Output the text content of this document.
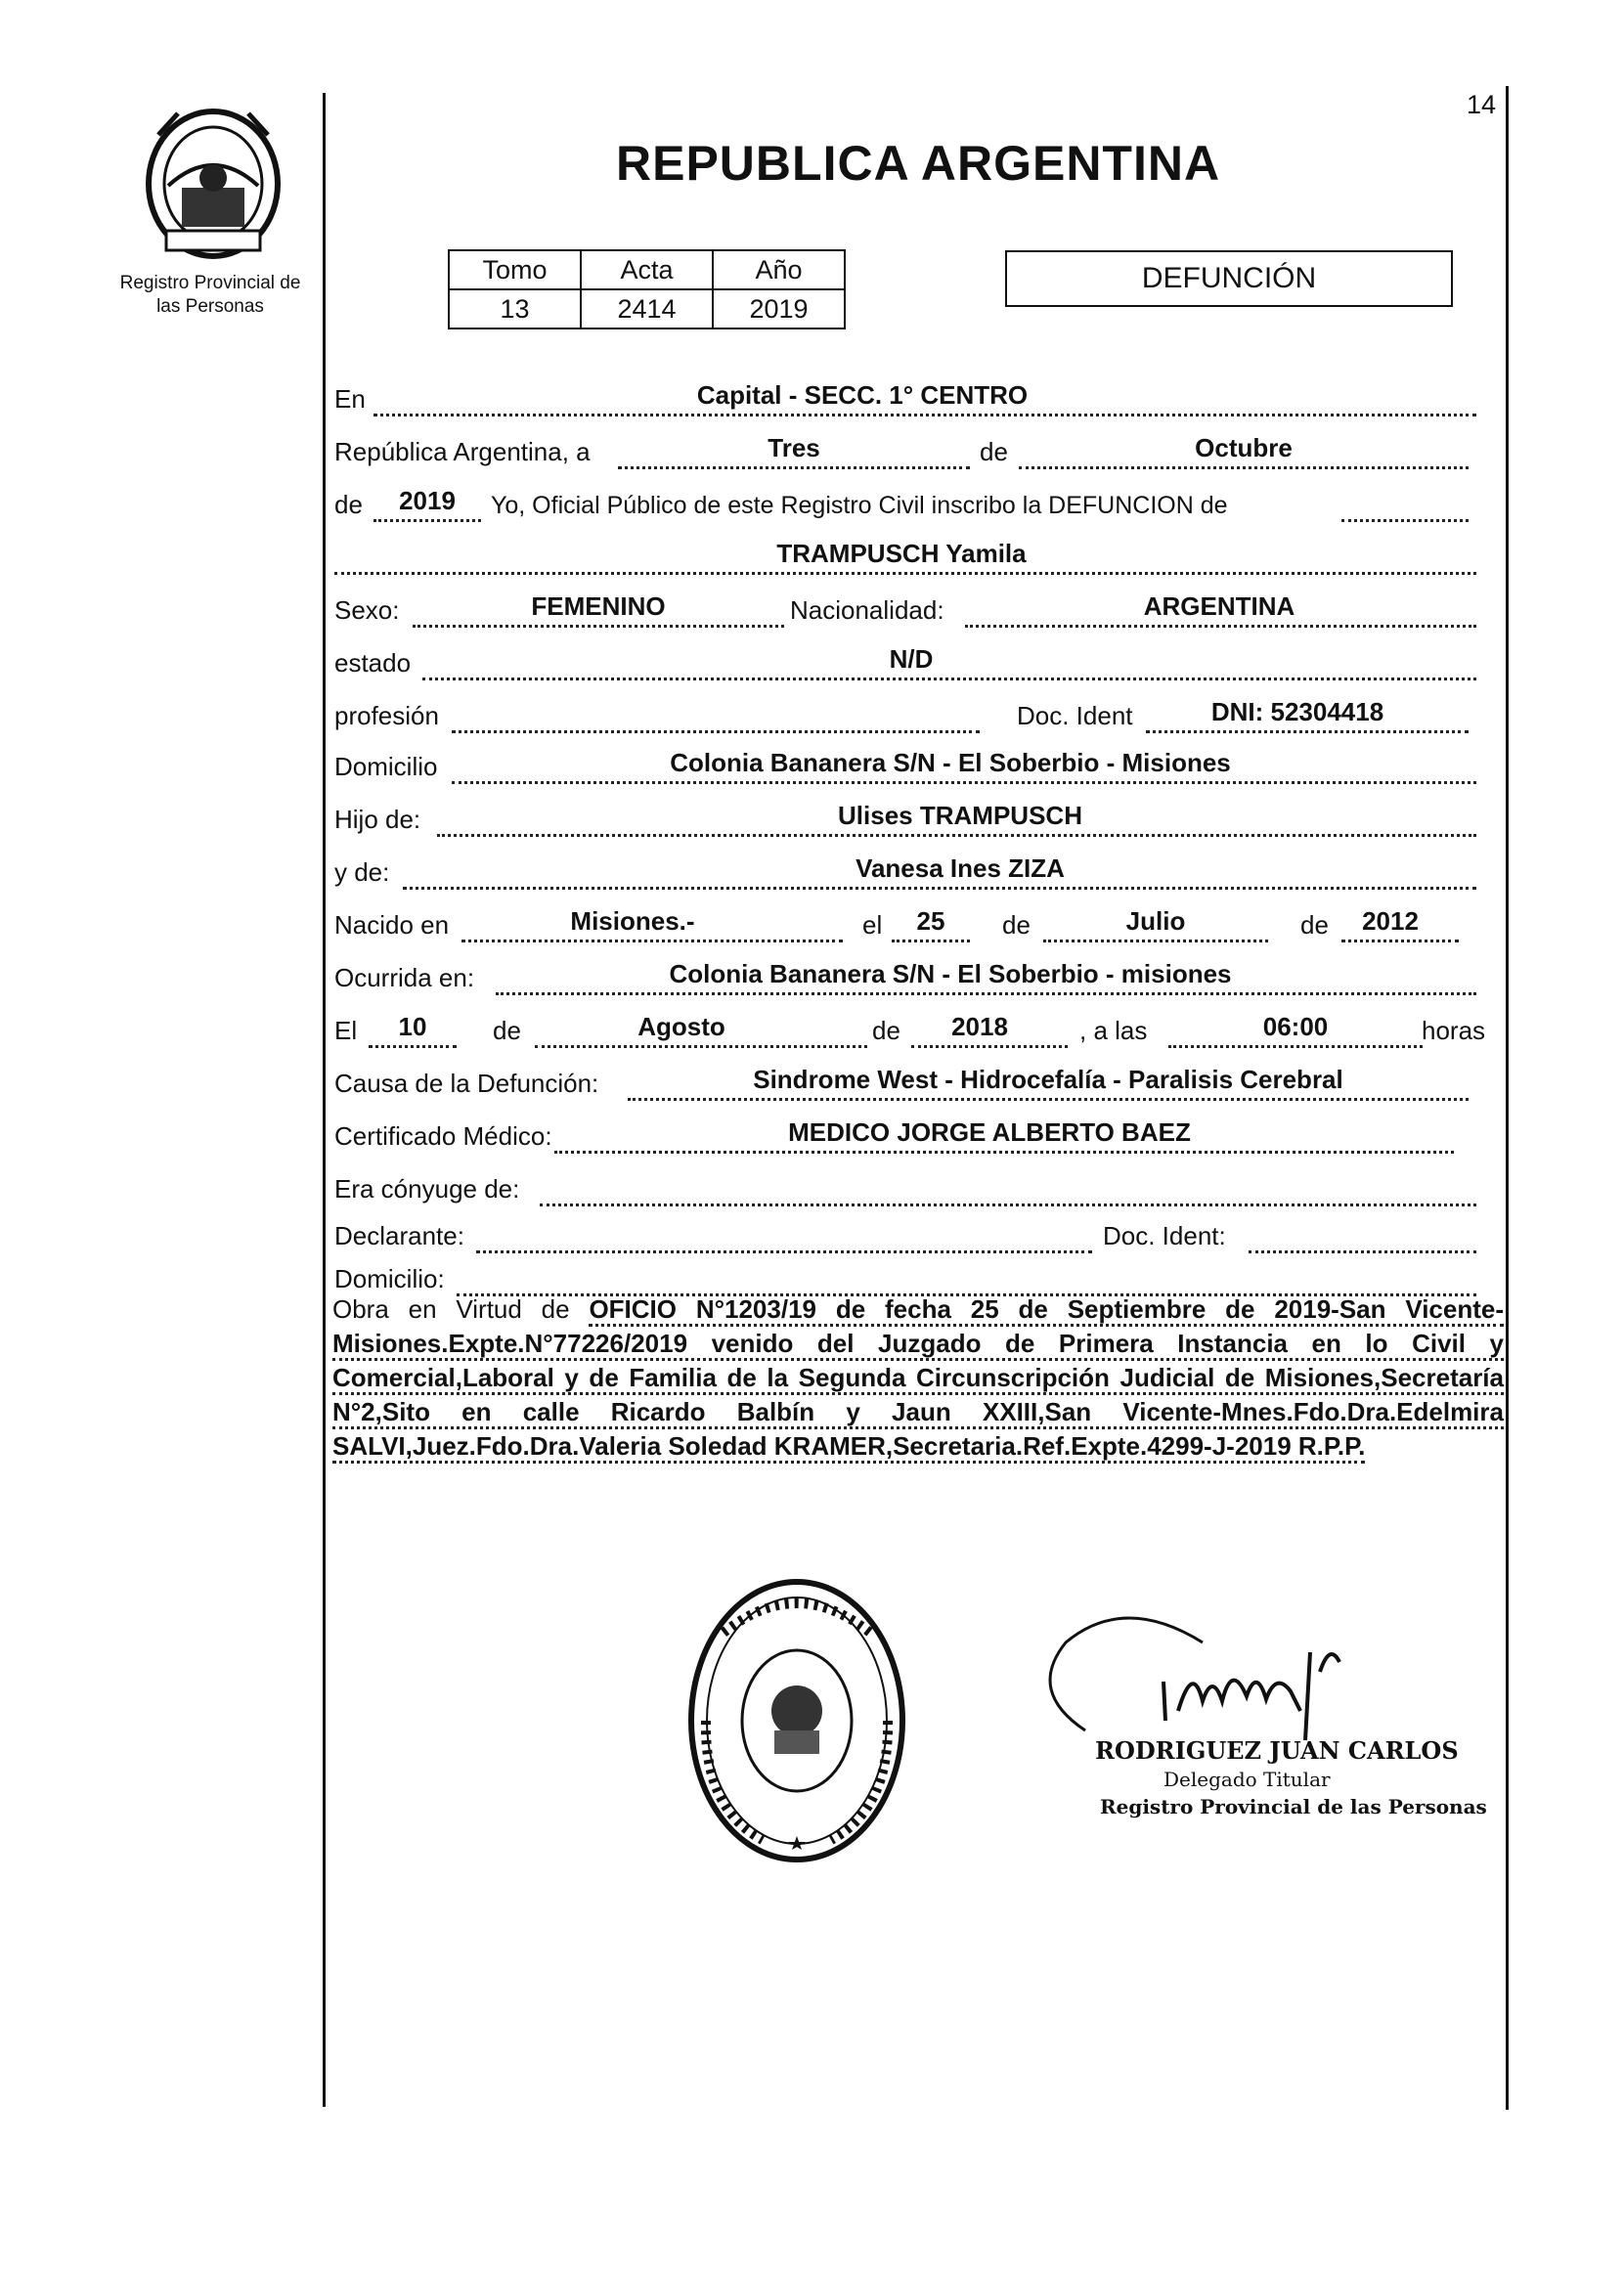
Registro Provincial de las Personas
14
REPUBLICA ARGENTINA
Tomo	Acta	Año
13	2414	2019
DEFUNCIÓN
En	Capital - SECC. 1° CENTRO
República Argentina, a	Tres	de	Octubre
de	2019	Yo, Oficial Público de este Registro Civil inscribo la DEFUNCION de
TRAMPUSCH Yamila
Sexo:	FEMENINO	Nacionalidad:	ARGENTINA
estado	N/D
profesión	Doc. Ident	DNI: 52304418
Domicilio	Colonia Bananera S/N - El Soberbio - Misiones
Hijo de:	Ulises TRAMPUSCH
y de:	Vanesa Ines ZIZA
Nacido en	Misiones.-	el	25	de	Julio	de	2012
Ocurrida en:	Colonia Bananera S/N - El Soberbio - misiones
El	10	de	Agosto	de	2018	, a las	06:00	horas
Causa de la Defunción:	Sindrome West - Hidrocefalía - Paralisis Cerebral
Certificado Médico:	MEDICO JORGE ALBERTO BAEZ
Era cónyuge de:
Declarante:	Doc. Ident:
Domicilio:
Obra en Virtud de OFICIO N°1203/19 de fecha 25 de Septiembre de 2019-San Vicente-Misiones.Expte.N°77226/2019 venido del Juzgado de Primera Instancia en lo Civil y Comercial,Laboral y de Familia de la Segunda Circunscripción Judicial de Misiones,Secretaría N°2,Sito en calle Ricardo Balbín y Jaun XXIII,San Vicente-Mnes.Fdo.Dra.Edelmira SALVI,Juez.Fdo.Dra.Valeria Soledad KRAMER,Secretaria.Ref.Expte.4299-J-2019 R.P.P.
RODRIGUEZ JUAN CARLOS
Delegado Titular
Registro Provincial de las Personas
